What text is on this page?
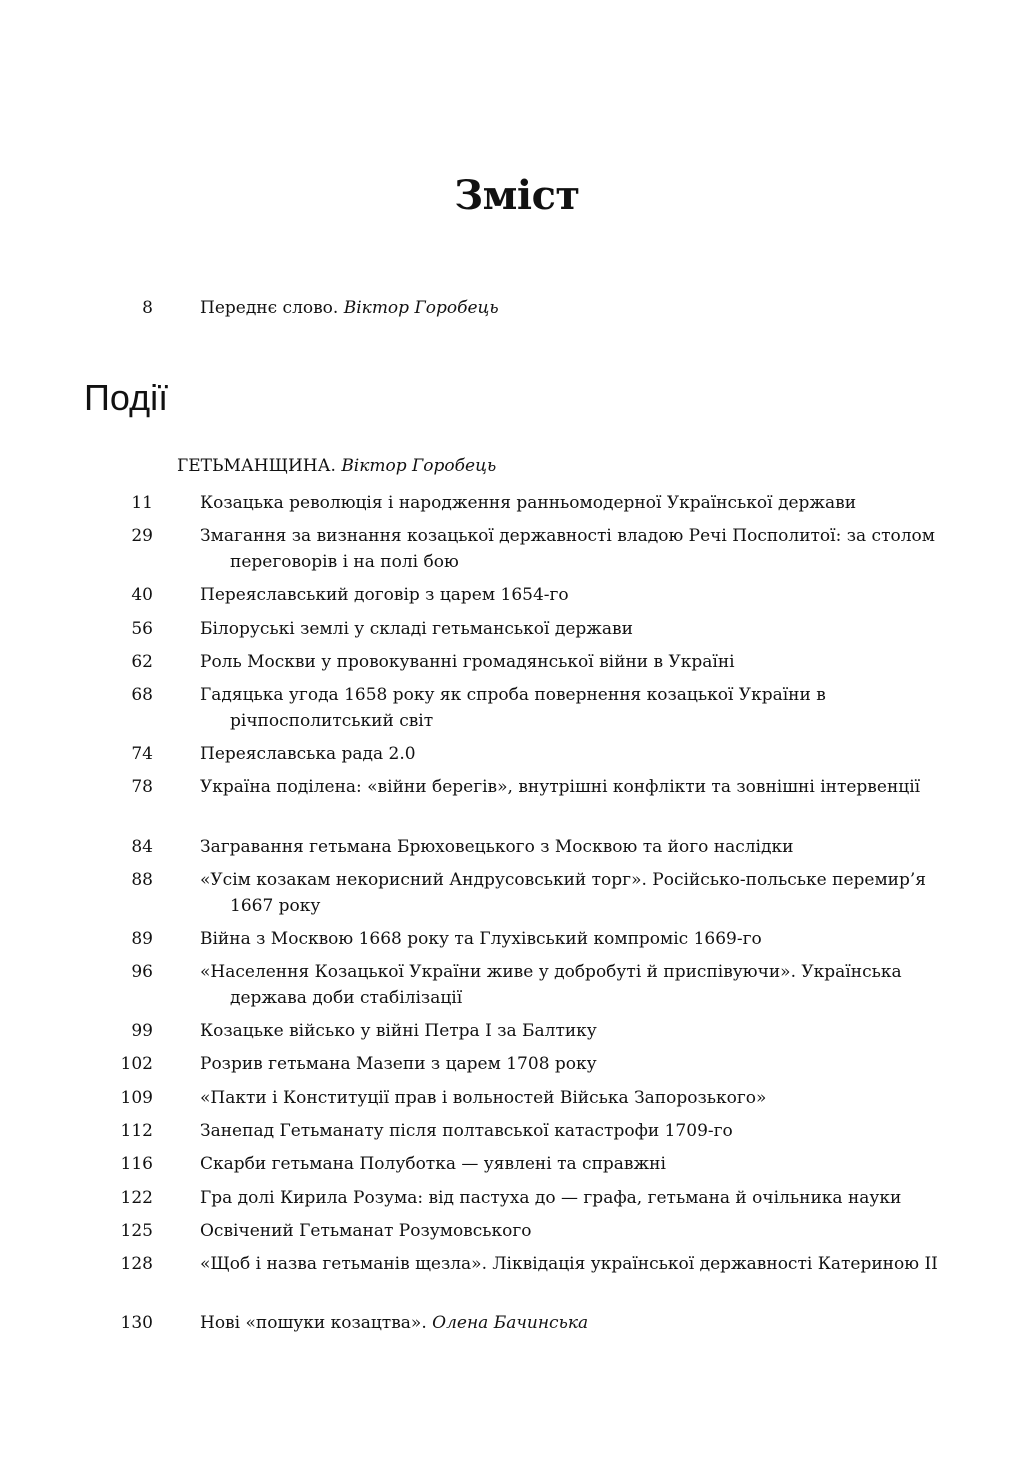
Зміст
8	Переднє слово. Віктор Горобець
Події
ГЕТЬМАНЩИНА. Віктор Горобець
11	Козацька революція і народження ранньомодерної Української держави
29	Змагання за визнання козацької державності владою Речі Посполитої: за столом переговорів і на полі бою
40	Переяславський договір з царем 1654-го
56	Білоруські землі у складі гетьманської держави
62	Роль Москви у провокуванні громадянської війни в Україні
68	Гадяцька угода 1658 року як спроба повернення козацької України в річпосполитський світ
74	Переяславська рада 2.0
78	Україна поділена: «війни берегів», внутрішні конфлікти та зовнішні інтервенції
84	Загравання гетьмана Брюховецького з Москвою та його наслідки
88	«Усім козакам некорисний Андрусовський торг». Російсько-польське перемир’я 1667 року
89	Війна з Москвою 1668 року та Глухівський компроміс 1669-го
96	«Населення Козацької України живе у добробуті й приспівуючи». Українська держава доби стабілізації
99	Козацьке військо у війні Петра І за Балтику
102	Розрив гетьмана Мазепи з царем 1708 року
109	«Пакти і Конституції прав і вольностей Війська Запорозького»
112	Занепад Гетьманату після полтавської катастрофи 1709-го
116	Скарби гетьмана Полуботка — уявлені та справжні
122	Гра долі Кирила Розума: від пастуха до — графа, гетьмана й очільника науки
125	Освічений Гетьманат Розумовського
128	«Щоб і назва гетьманів щезла». Ліквідація української державності Катериною ІІ
130	Нові «пошуки козацтва». Олена Бачинська
